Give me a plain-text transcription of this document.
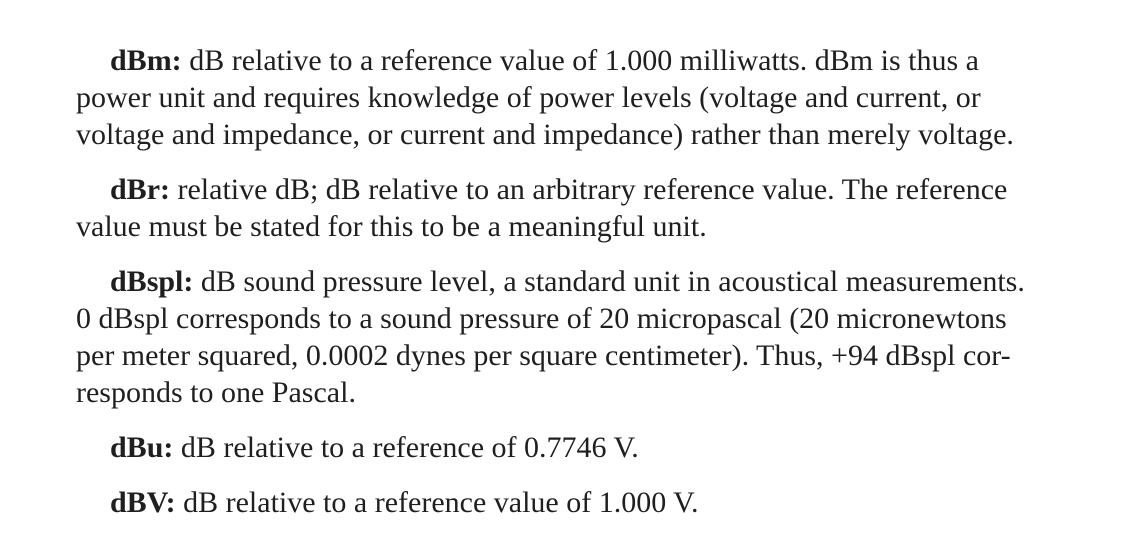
dBm: dB relative to a reference value of 1.000 milliwatts. dBm is thus a
power unit and requires knowledge of power levels (voltage and current, or
voltage and impedance, or current and impedance) rather than merely voltage.

dBr: relative dB; dB relative to an arbitrary reference value. The reference
value must be stated for this to be a meaningful unit.

dBspl: dB sound pressure level, a standard unit in acoustical measurements.
0 dBspl corresponds to a sound pressure of 20 micropascal (20 micronewtons
per meter squared, 0.0002 dynes per square centimeter). Thus, +94 dBspl cor-
responds to one Pascal.

dBu: dB relative to a reference of 0.7746 V.

dBV: dB relative to a reference value of 1.000 V.
